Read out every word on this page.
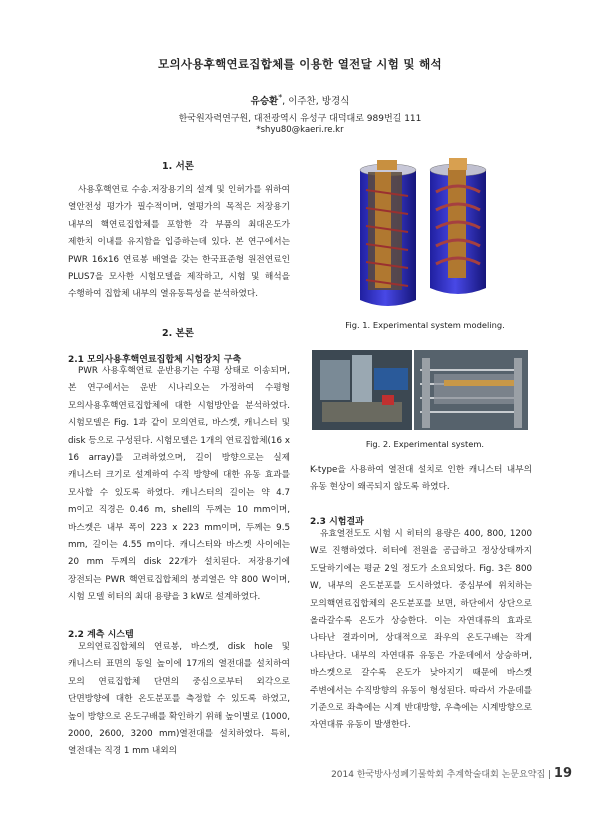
모의사용후핵연료집합체를 이용한 열전달 시험 및 해석
유승환*, 이주찬, 방경식
한국원자력연구원, 대전광역시 유성구 대덕대로 989번길 111
*shyu80@kaeri.re.kr
1. 서론
사용후핵연료 수송.저장용기의 설계 및 인허가를 위하여 열안전성 평가가 필수적이며, 열평가의 목적은 저장용기 내부의 핵연료집합체를 포함한 각 부품의 최대온도가 제한치 이내를 유지함을 입증하는데 있다. 본 연구에서는 PWR 16x16 연료봉 배열을 갖는 한국표준형 원전연료인 PLUS7을 모사한 시험모델을 제작하고, 시험 및 해석을 수행하여 집합체 내부의 열유동특성을 분석하였다.
2. 본론
2.1 모의사용후핵연료집합체 시험장치 구축
PWR 사용후핵연료 운반용기는 수평 상태로 이송되며, 본 연구에서는 운반 시나리오는 가정하여 수평형 모의사용후핵연료집합체에 대한 시험방안을 분석하였다. 시험모델은 Fig. 1과 같이 모의연료, 바스켓, 캐니스터 및 disk 등으로 구성된다. 시험모델은 1개의 연료집합체(16 x 16 array)를 고려하였으며, 길이 방향으로는 실제 캐니스터 크기로 설계하여 수직 방향에 대한 유동 효과를 모사할 수 있도록 하였다. 캐니스터의 길이는 약 4.7 m이고 직경은 0.46 m, shell의 두께는 10 mm이며, 바스켓은 내부 폭이 223 x 223 mm이며, 두께는 9.5 mm, 길이는 4.55 m이다. 캐니스터와 바스켓 사이에는 20 mm 두께의 disk 22개가 설치된다. 저장용기에 장전되는 PWR 핵연료집합체의 붕괴열은 약 800 W이며, 시험 모델 히터의 최대 용량을 3 kW로 설계하였다.
2.2 계측 시스템
모의연료집합체의 연료봉, 바스켓, disk hole 및 캐니스터 표면의 동일 높이에 17개의 열전대를 설치하여 모의 연료집합체 단면의 중심으로부터 외각으로 단면방향에 대한 온도분포를 측정할 수 있도록 하였고, 높이 방향으로 온도구배를 확인하기 위해 높이별로 (1000, 2000, 2600, 3200 mm)열전대를 설치하였다. 특히, 열전대는 직경 1 mm 내외의
Fig. 1. Experimental system modeling.
Fig. 2. Experimental system.
K-type을 사용하여 열전대 설치로 인한 캐니스터 내부의 유동 현상이 왜곡되지 않도록 하였다.
2.3 시험결과
유효열전도도 시험 시 히터의 용량은 400, 800, 1200 W로 진행하였다. 히터에 전원을 공급하고 정상상태까지 도달하기에는 평균 2일 정도가 소요되었다. Fig. 3은 800 W, 내부의 온도분포를 도시하였다. 중심부에 위치하는 모의핵연료집합체의 온도분포를 보면, 하단에서 상단으로 올라갈수록 온도가 상승한다. 이는 자연대류의 효과로 나타난 결과이며, 상대적으로 좌우의 온도구배는 작게 나타난다. 내부의 자연대류 유동은 가운데에서 상승하며, 바스켓으로 갈수록 온도가 낮아지기 때문에 바스켓 주변에서는 수직방향의 유동이 형성된다. 따라서 가운데를 기준으로 좌측에는 시계 반대방향, 우측에는 시계방향으로 자연대류 유동이 발생한다.
2014 한국방사성폐기물학회 추계학술대회 논문요약집 | 19
